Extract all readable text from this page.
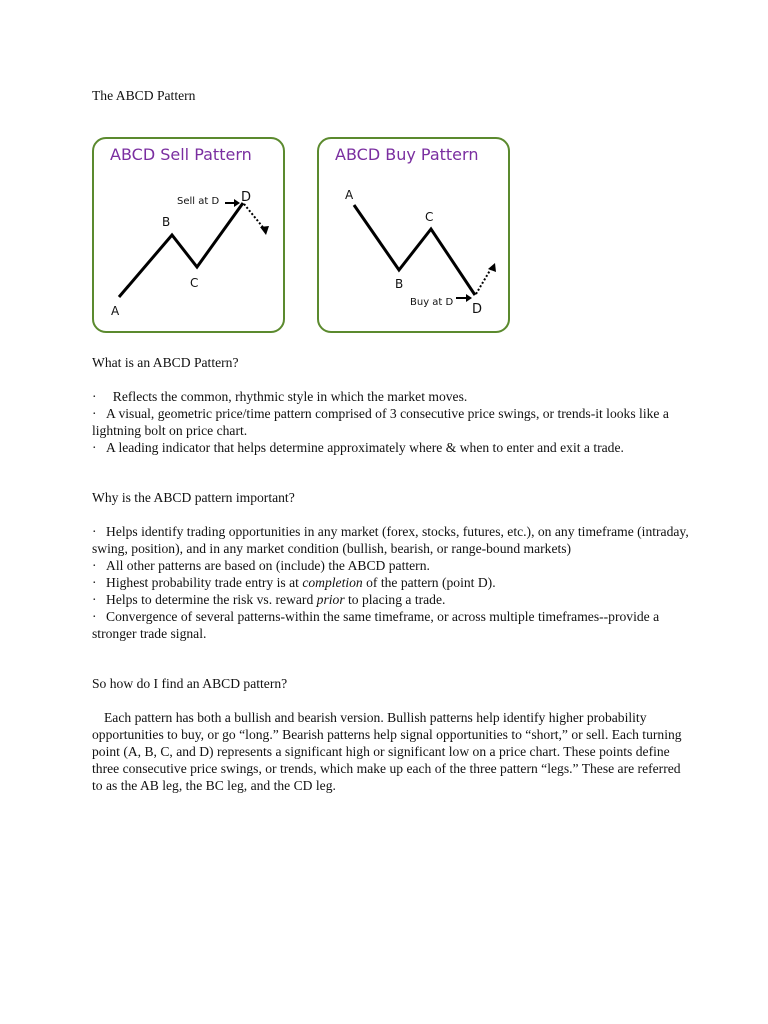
The ABCD Pattern
ABCD Sell Pattern
A
B
C
D
Sell at D
ABCD Buy Pattern
A
B
C
D
Buy at D
What is an ABCD Pattern?
·  Reflects the common, rhythmic style in which the market moves.
· A visual, geometric price/time pattern comprised of 3 consecutive price swings, or trends-it looks like a lightning bolt on price chart.
· A leading indicator that helps determine approximately where & when to enter and exit a trade.
Why is the ABCD pattern important?
· Helps identify trading opportunities in any market (forex, stocks, futures, etc.), on any timeframe (intraday, swing, position), and in any market condition (bullish, bearish, or range-bound markets)
· All other patterns are based on (include) the ABCD pattern.
· Highest probability trade entry is at completion of the pattern (point D).
· Helps to determine the risk vs. reward prior to placing a trade.
· Convergence of several patterns-within the same timeframe, or across multiple timeframes--provide a stronger trade signal.
So how do I find an ABCD pattern?
Each pattern has both a bullish and bearish version. Bullish patterns help identify higher probability opportunities to buy, or go “long.” Bearish patterns help signal opportunities to “short,” or sell. Each turning point (A, B, C, and D) represents a significant high or significant low on a price chart. These points define three consecutive price swings, or trends, which make up each of the three pattern “legs.” These are referred to as the AB leg, the BC leg, and the CD leg.
